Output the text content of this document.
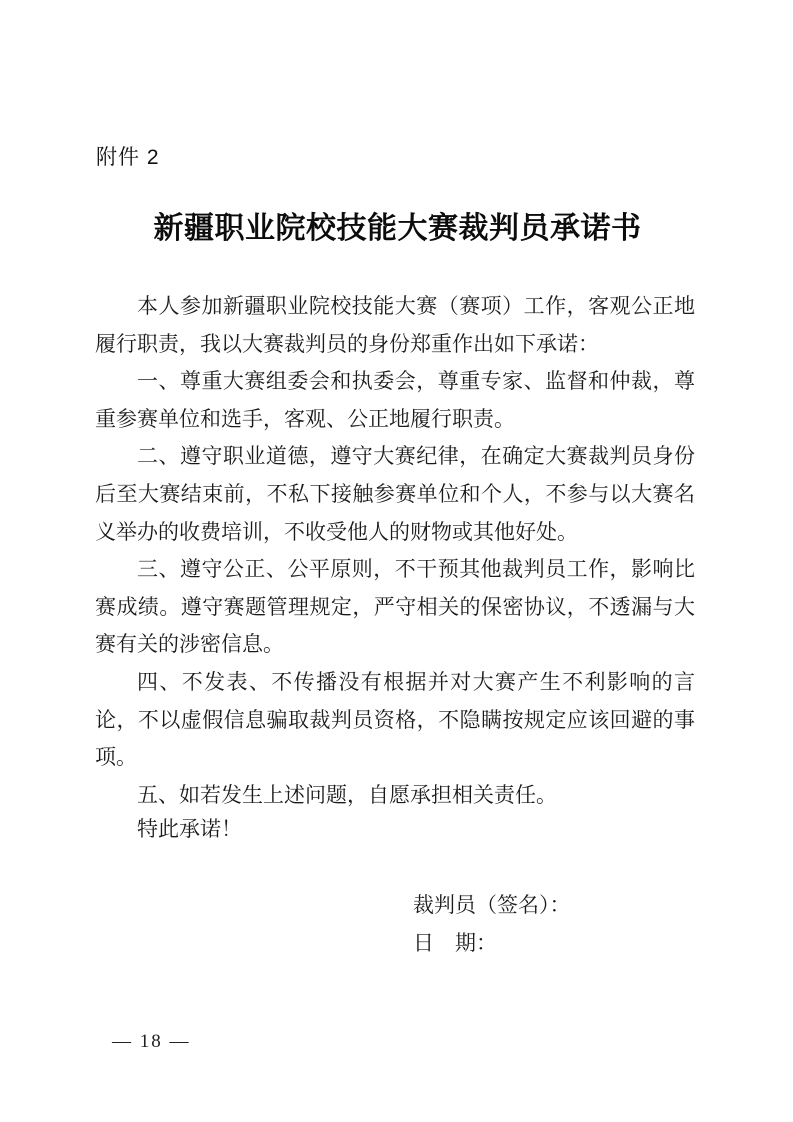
附件 2
新疆职业院校技能大赛裁判员承诺书

本人参加新疆职业院校技能大赛（赛项）工作，客观公正地履行职责，我以大赛裁判员的身份郑重作出如下承诺：

一、尊重大赛组委会和执委会，尊重专家、监督和仲裁，尊重参赛单位和选手，客观、公正地履行职责。

二、遵守职业道德，遵守大赛纪律，在确定大赛裁判员身份后至大赛结束前，不私下接触参赛单位和个人，不参与以大赛名义举办的收费培训，不收受他人的财物或其他好处。

三、遵守公正、公平原则，不干预其他裁判员工作，影响比赛成绩。遵守赛题管理规定，严守相关的保密协议，不透漏与大赛有关的涉密信息。

四、不发表、不传播没有根据并对大赛产生不利影响的言论，不以虚假信息骗取裁判员资格，不隐瞒按规定应该回避的事项。

五、如若发生上述问题，自愿承担相关责任。

特此承诺！

裁判员（签名）：

日　期：

— 18 —
